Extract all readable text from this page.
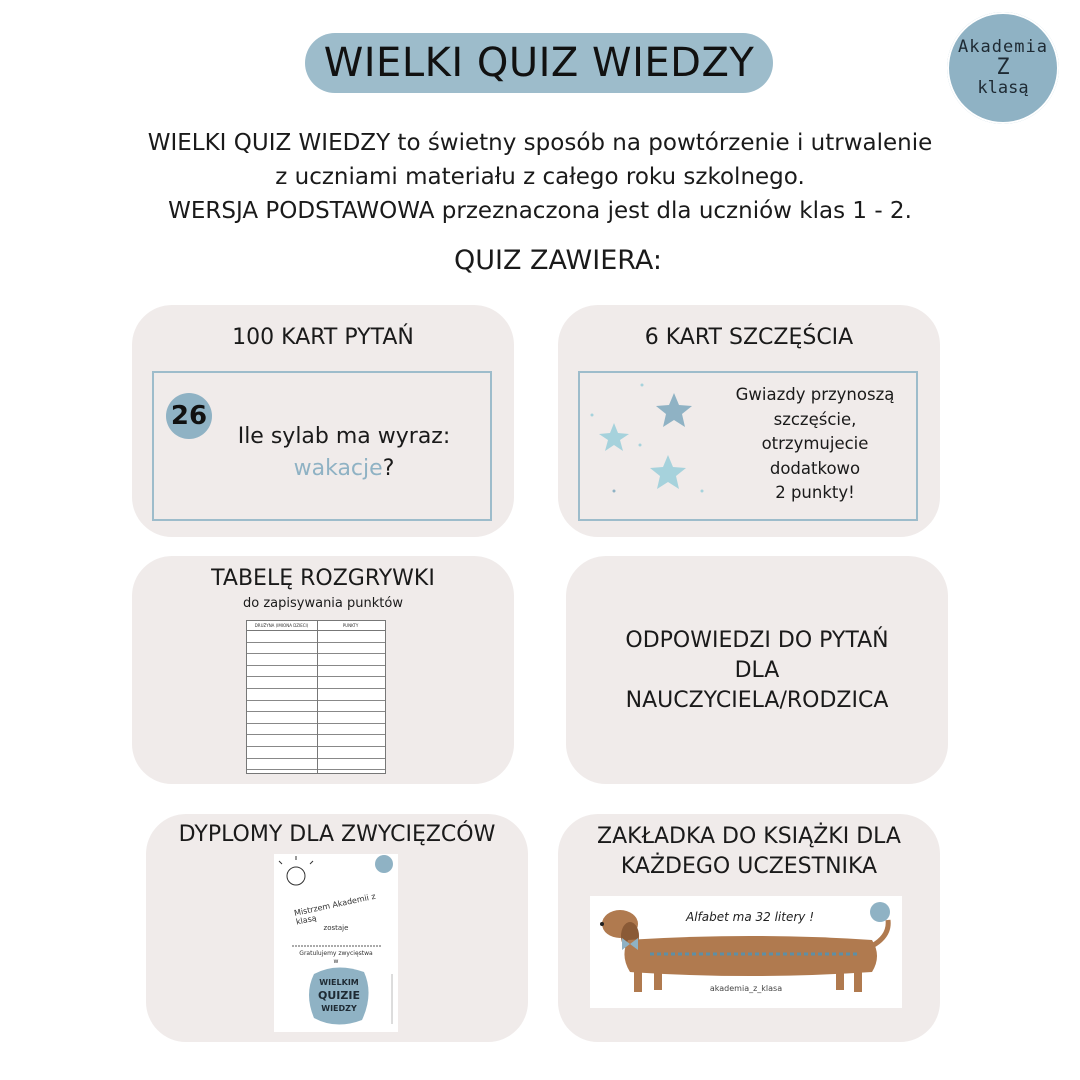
WIELKI QUIZ WIEDZY	Akademia
Z
klasą
WIELKI QUIZ WIEDZY to świetny sposób na powtórzenie i utrwalenie
z uczniami materiału z całego roku szkolnego.
WERSJA PODSTAWOWA przeznaczona jest dla uczniów klas 1 - 2.
QUIZ ZAWIERA:
100 KART PYTAŃ
26
Ile sylab ma wyraz:
wakacje?
6 KART SZCZĘŚCIA
Gwiazdy przynoszą
szczęście,
otrzymujecie
dodatkowo
2 punkty!
TABELĘ ROZGRYWKI
do zapisywania punktów
DRUŻYNA (IMIONA DZIECI)	PUNKTY
ODPOWIEDZI DO PYTAŃ
DLA
NAUCZYCIELA/RODZICA
DYPLOMY DLA ZWYCIĘZCÓW
Mistrzem Akademii z klasą
zostaje
Gratulujemy zwycięstwa
w
WIELKIM
QUIZIE
WIEDZY
ZAKŁADKA DO KSIĄŻKI DLA
KAŻDEGO UCZESTNIKA
Alfabet ma 32 litery !
akademia_z_klasa
